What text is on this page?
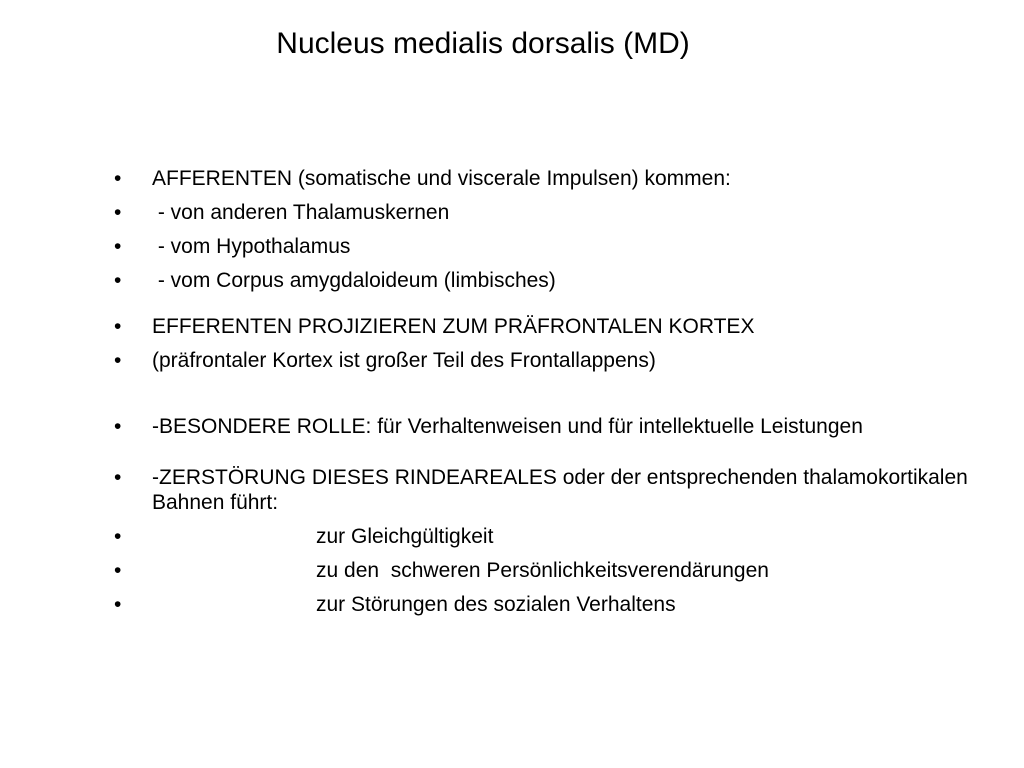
Nucleus medialis dorsalis (MD)
• AFFERENTEN (somatische und viscerale Impulsen) kommen:
• - von anderen Thalamuskernen
• - vom Hypothalamus
• - vom Corpus amygdaloideum (limbisches)
• EFFERENTEN PROJIZIEREN ZUM PRÄFRONTALEN KORTEX
• (präfrontaler Kortex ist großer Teil des Frontallappens)
• -BESONDERE ROLLE: für Verhaltenweisen und für intellektuelle Leistungen
• -ZERSTÖRUNG DIESES RINDEAREALES oder der entsprechenden thalamokortikalen Bahnen führt:
•	zur Gleichgültigkeit
•	zu den  schweren Persönlichkeitsverendärungen
•	zur Störungen des sozialen Verhaltens
